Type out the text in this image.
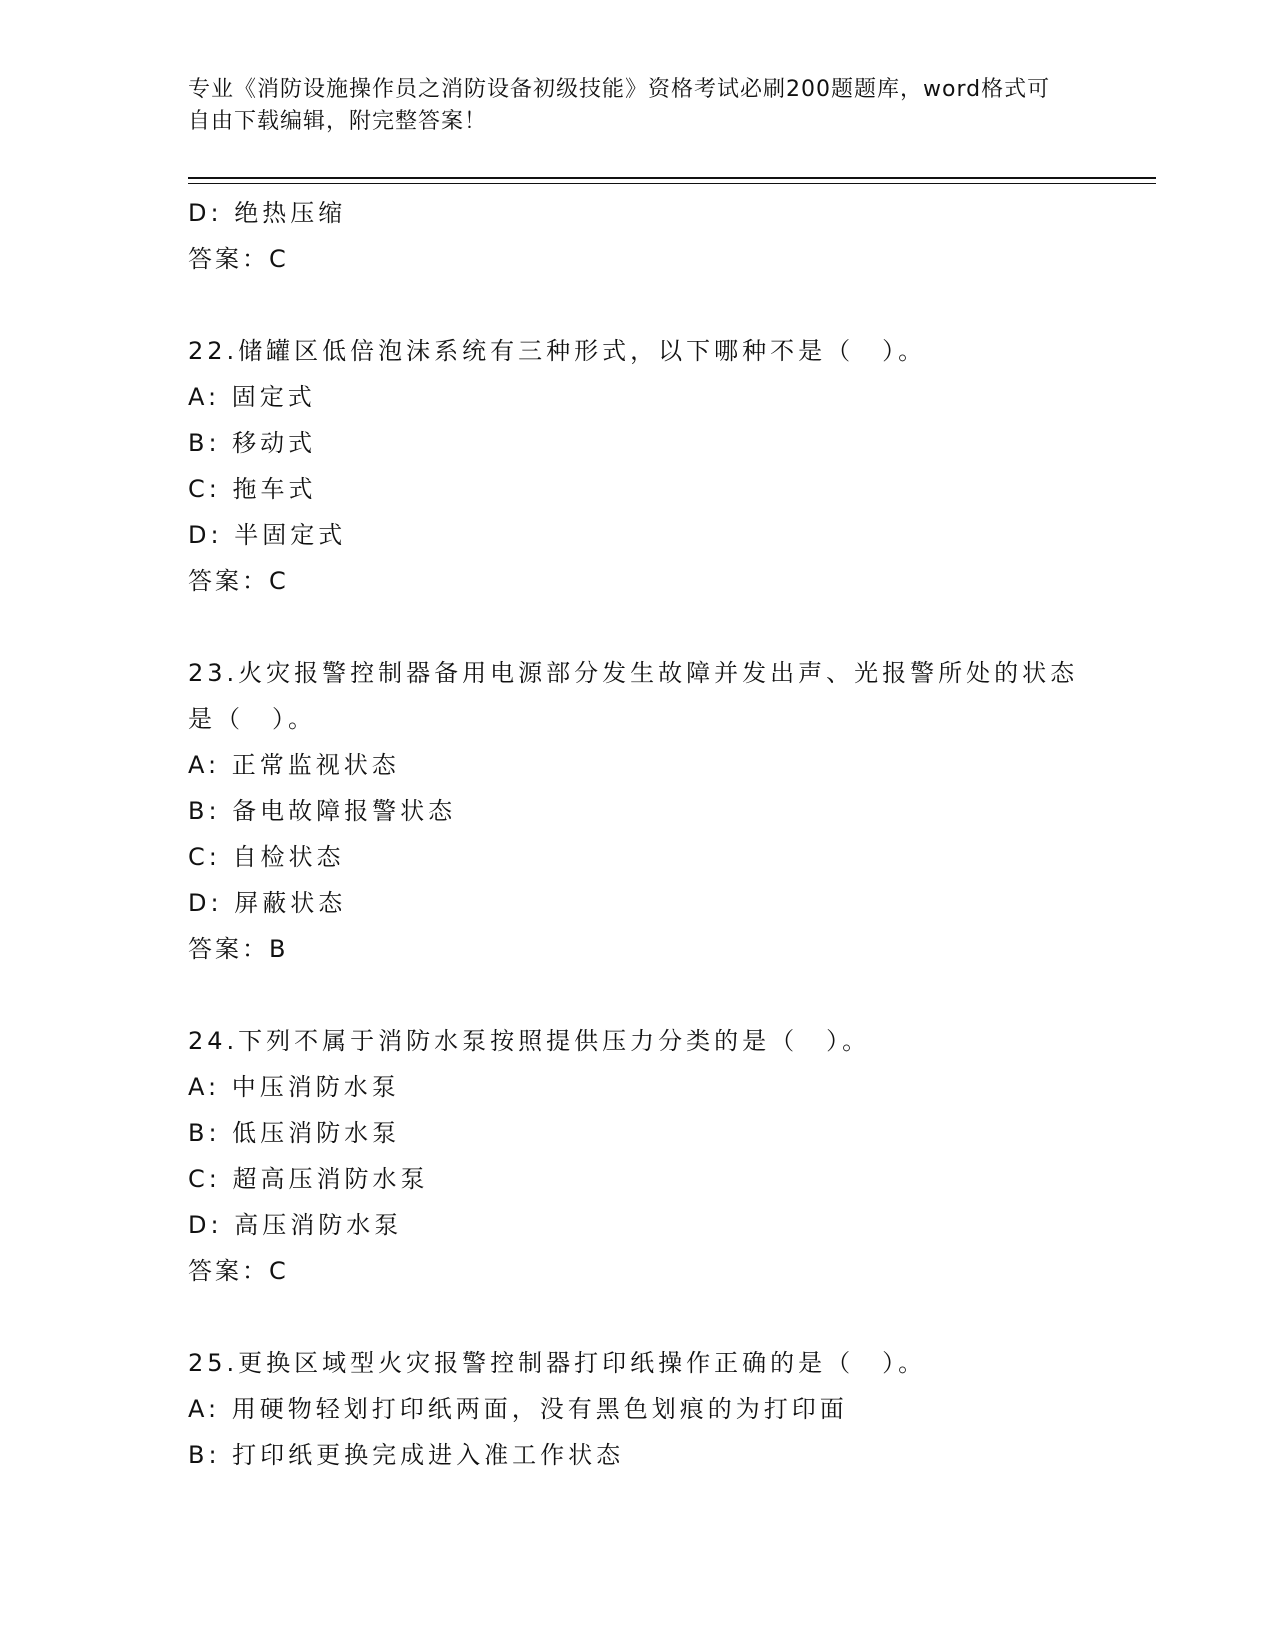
专业《消防设施操作员之消防设备初级技能》资格考试必刷200题题库，word格式可自由下载编辑，附完整答案！
D: 绝热压缩
答案：C
22.储罐区低倍泡沫系统有三种形式，以下哪种不是（　）。
A: 固定式
B: 移动式
C: 拖车式
D: 半固定式
答案：C
23.火灾报警控制器备用电源部分发生故障并发出声、光报警所处的状态是（　）。
A: 正常监视状态
B: 备电故障报警状态
C: 自检状态
D: 屏蔽状态
答案：B
24.下列不属于消防水泵按照提供压力分类的是（　）。
A: 中压消防水泵
B: 低压消防水泵
C: 超高压消防水泵
D: 高压消防水泵
答案：C
25.更换区域型火灾报警控制器打印纸操作正确的是（　）。
A: 用硬物轻划打印纸两面，没有黑色划痕的为打印面
B: 打印纸更换完成进入准工作状态
